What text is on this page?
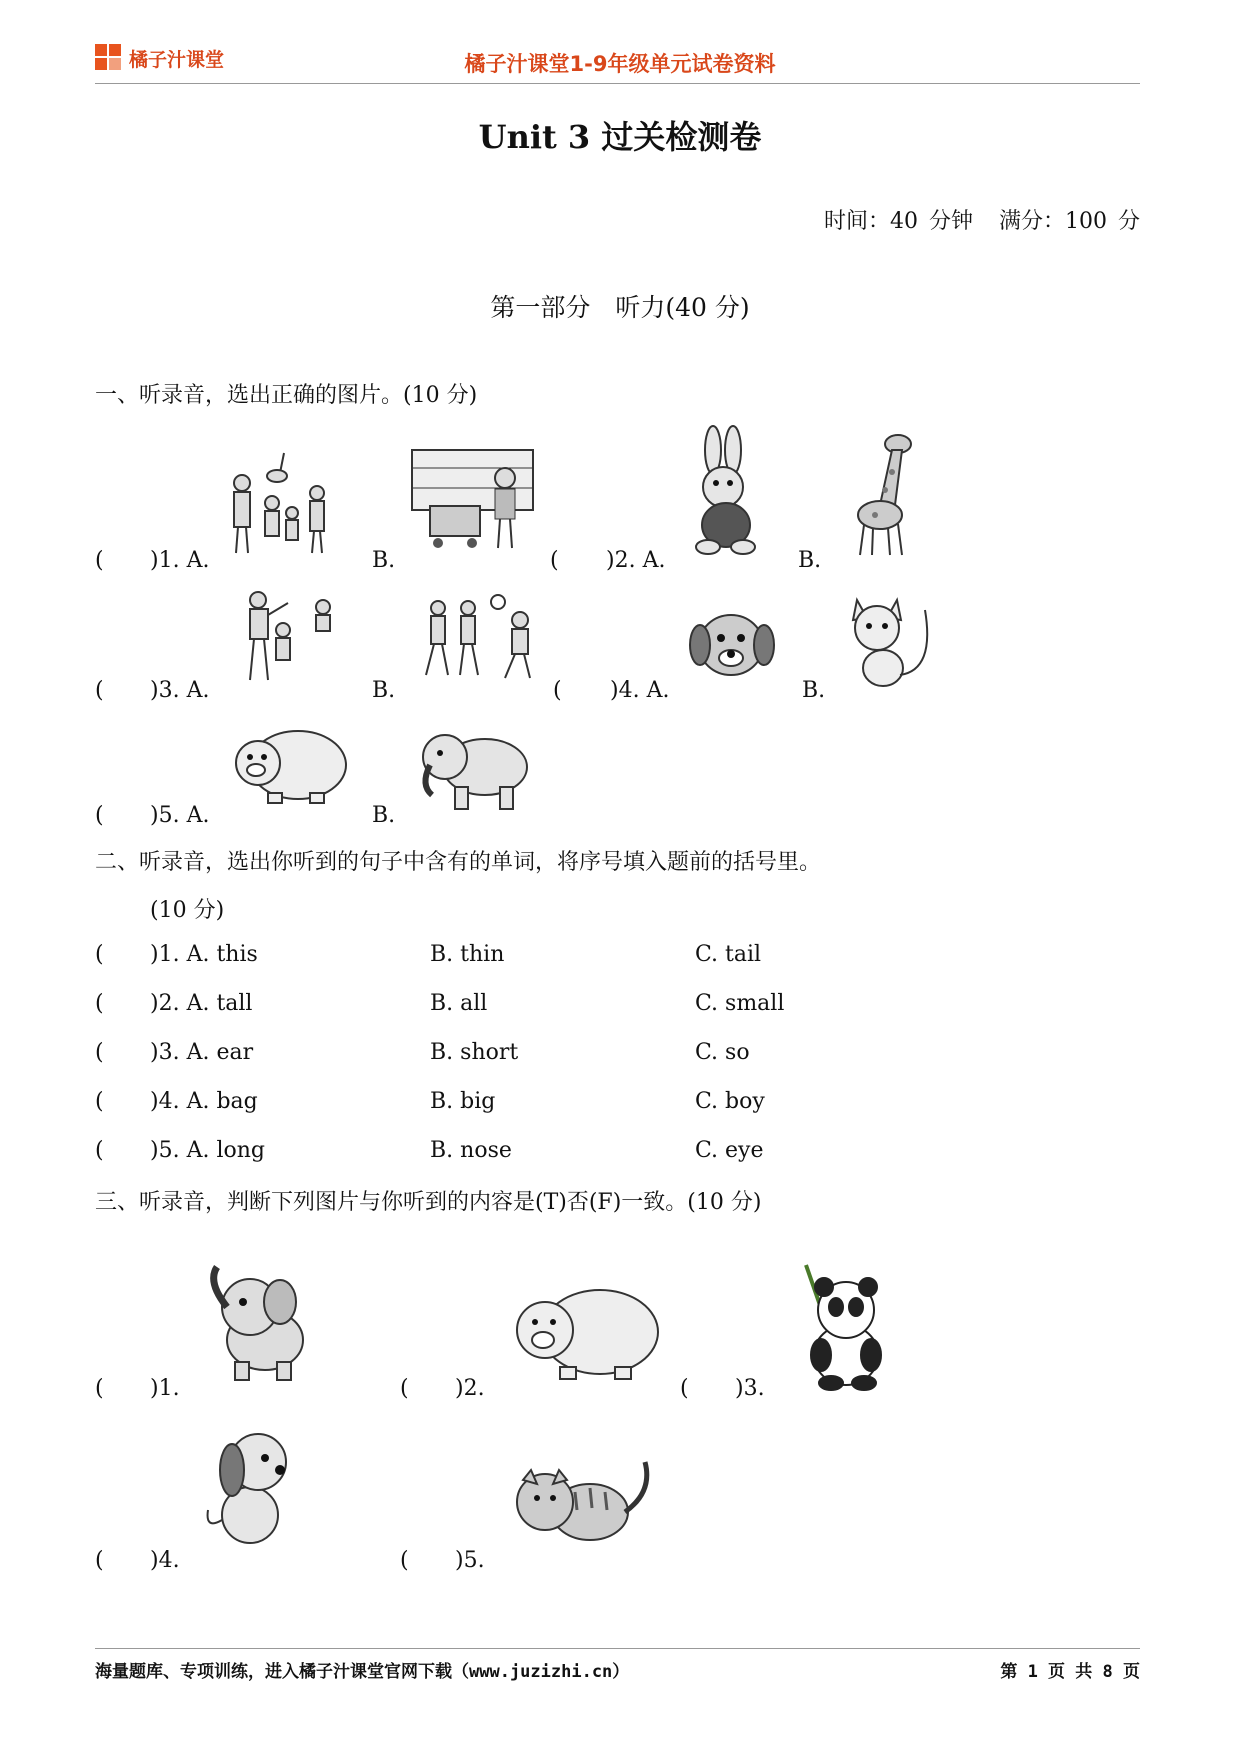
橘子汁课堂	橘子汁课堂1-9年级单元试卷资料
Unit 3 过关检测卷
时间：40 分钟 满分：100 分
第一部分　听力(40 分)
一、听录音，选出正确的图片。(10 分)
( )1. A.	B.	( )2. A.	B.
( )3. A.	B.	( )4. A.	B.
( )5. A.	B.
二、听录音，选出你听到的句子中含有的单词，将序号填入题前的括号里。
(10 分)
( )1. A. this	B. thin	C. tail
( )2. A. tall	B. all	C. small
( )3. A. ear	B. short	C. so
( )4. A. bag	B. big	C. boy
( )5. A. long	B. nose	C. eye
三、听录音，判断下列图片与你听到的内容是(T)否(F)一致。(10 分)
( )1.	( )2.	( )3.
( )4.	( )5.
海量题库、专项训练，进入橘子汁课堂官网下载（www.juzizhi.cn）	第 1 页 共 8 页
